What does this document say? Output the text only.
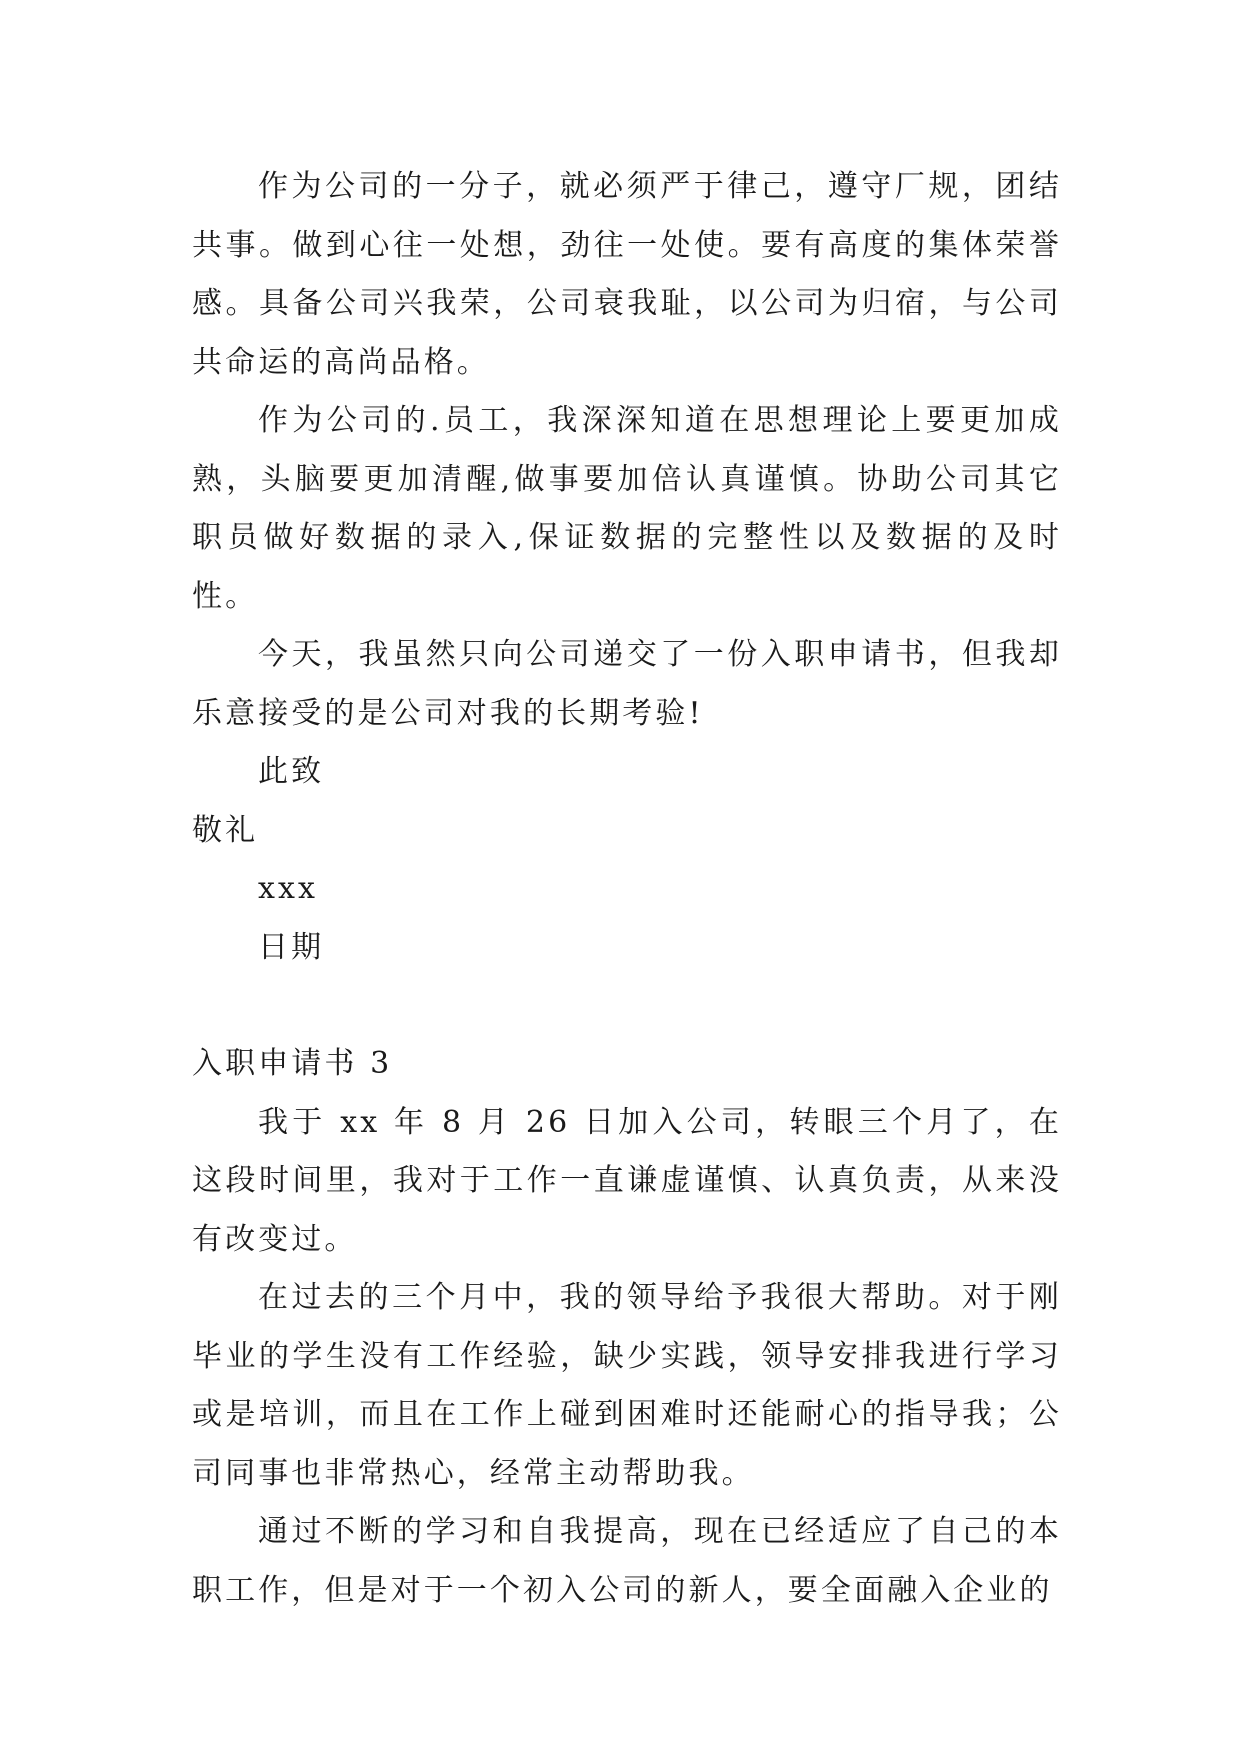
作为公司的一分子，就必须严于律己，遵守厂规，团结共事。做到心往一处想，劲往一处使。要有高度的集体荣誉感。具备公司兴我荣，公司衰我耻，以公司为归宿，与公司共命运的高尚品格。

作为公司的.员工，我深深知道在思想理论上要更加成熟，头脑要更加清醒,做事要加倍认真谨慎。协助公司其它职员做好数据的录入,保证数据的完整性以及数据的及时性。

今天，我虽然只向公司递交了一份入职申请书，但我却乐意接受的是公司对我的长期考验!

此致

敬礼

xxx

日期

入职申请书 3

我于 xx 年 8 月 26 日加入公司，转眼三个月了，在这段时间里，我对于工作一直谦虚谨慎、认真负责，从来没有改变过。

在过去的三个月中，我的领导给予我很大帮助。对于刚毕业的学生没有工作经验，缺少实践，领导安排我进行学习或是培训，而且在工作上碰到困难时还能耐心的指导我；公司同事也非常热心，经常主动帮助我。

通过不断的学习和自我提高，现在已经适应了自己的本职工作，但是对于一个初入公司的新人，要全面融入企业的
